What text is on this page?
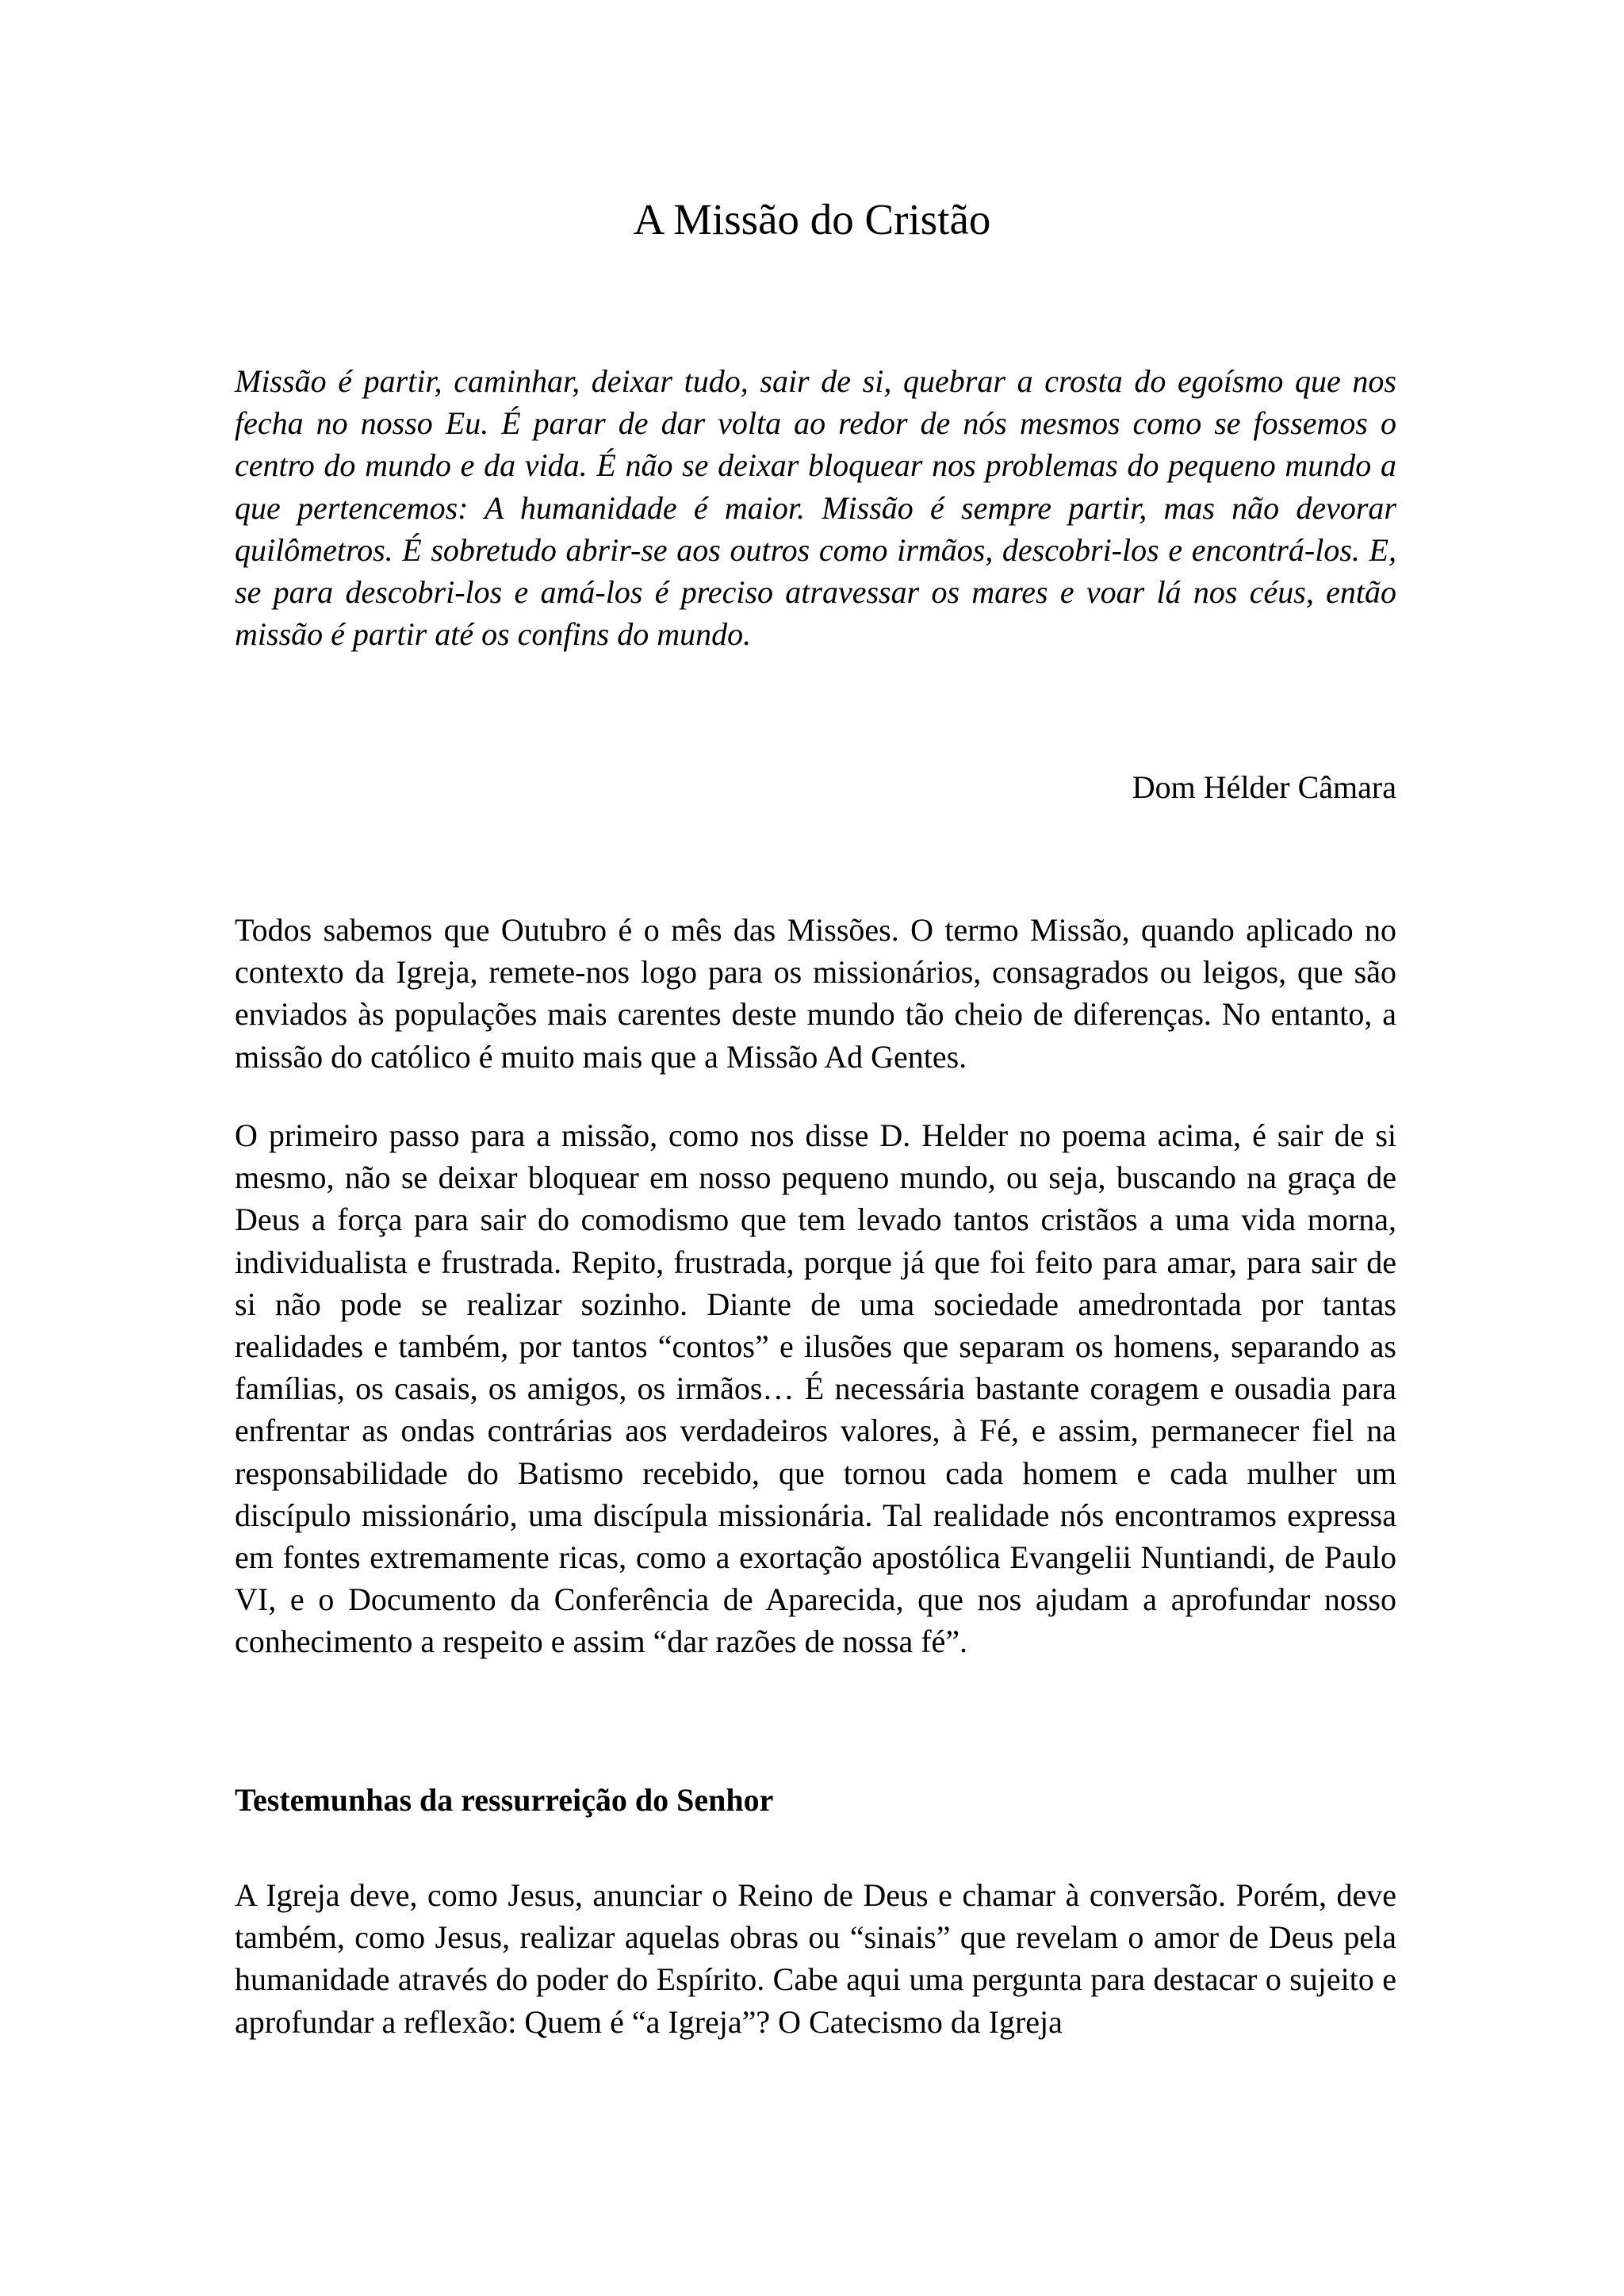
A Missão do Cristão

Missão é partir, caminhar, deixar tudo, sair de si, quebrar a crosta do egoísmo que nos fecha no nosso Eu. É parar de dar volta ao redor de nós mesmos como se fossemos o centro do mundo e da vida. É não se deixar bloquear nos problemas do pequeno mundo a que pertencemos: A humanidade é maior. Missão é sempre partir, mas não devorar quilômetros. É sobretudo abrir-se aos outros como irmãos, descobri-los e encontrá-los. E, se para descobri-los e amá-los é preciso atravessar os mares e voar lá nos céus, então missão é partir até os confins do mundo.

Dom Hélder Câmara

Todos sabemos que Outubro é o mês das Missões. O termo Missão, quando aplicado no contexto da Igreja, remete-nos logo para os missionários, consagrados ou leigos, que são enviados às populações mais carentes deste mundo tão cheio de diferenças. No entanto, a missão do católico é muito mais que a Missão Ad Gentes.

O primeiro passo para a missão, como nos disse D. Helder no poema acima, é sair de si mesmo, não se deixar bloquear em nosso pequeno mundo, ou seja, buscando na graça de Deus a força para sair do comodismo que tem levado tantos cristãos a uma vida morna, individualista e frustrada. Repito, frustrada, porque já que foi feito para amar, para sair de si não pode se realizar sozinho. Diante de uma sociedade amedrontada por tantas realidades e também, por tantos “contos” e ilusões que separam os homens, separando as famílias, os casais, os amigos, os irmãos… É necessária bastante coragem e ousadia para enfrentar as ondas contrárias aos verdadeiros valores, à Fé, e assim, permanecer fiel na responsabilidade do Batismo recebido, que tornou cada homem e cada mulher um discípulo missionário, uma discípula missionária. Tal realidade nós encontramos expressa em fontes extremamente ricas, como a exortação apostólica Evangelii Nuntiandi, de Paulo VI, e o Documento da Conferência de Aparecida, que nos ajudam a aprofundar nosso conhecimento a respeito e assim “dar razões de nossa fé”.

Testemunhas da ressurreição do Senhor

A Igreja deve, como Jesus, anunciar o Reino de Deus e chamar à conversão. Porém, deve também, como Jesus, realizar aquelas obras ou “sinais” que revelam o amor de Deus pela humanidade através do poder do Espírito. Cabe aqui uma pergunta para destacar o sujeito e aprofundar a reflexão: Quem é “a Igreja”? O Catecismo da Igreja
